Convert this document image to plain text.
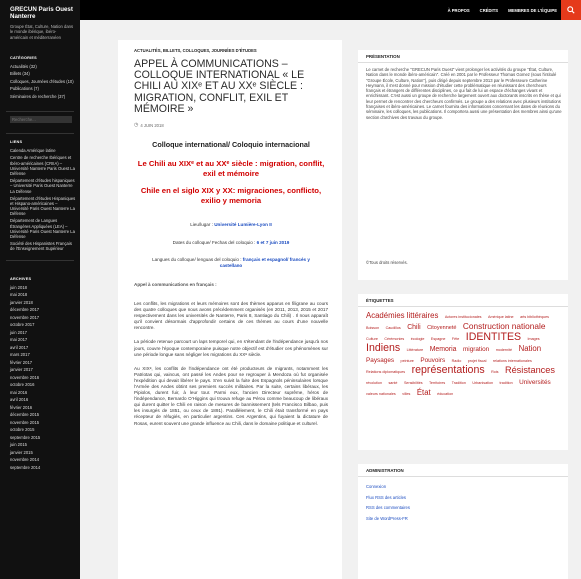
GRECUN Paris Ouest Nanterre
Groupe État, Culture, Nation dans le monde ibérique, ibéro-américain et méditerranéen
CATÉGORIES
Actualités (32)
Billets (34)
Colloques, Journées d'études (10)
Publications (7)
Séminaires de recherche (37)
Recherche...
LIENS
Calenda Amérique latine
Centre de recherche Ibériques et Ibéro-américaines (CRIIA) – Université Nanterre Paris Ouest La Défense
Département d'études hispaniques – Université Paris Ouest Nanterre La Défense
Département d'études Hispaniques et Hispano-américaines – Université Paris Ouest Nanterre La Défense
Département de Langues Étrangères Appliquées (LEA) – Université Paris Ouest Nanterre La Défense
Société des Hispanistes Français de l'Enseignement Supérieur
ARCHIVES
juin 2018
mai 2018
janvier 2018
décembre 2017
novembre 2017
octobre 2017
juin 2017
mai 2017
avril 2017
mars 2017
février 2017
janvier 2017
novembre 2016
octobre 2016
mai 2016
avril 2016
février 2016
décembre 2015
novembre 2015
octobre 2015
septembre 2015
juin 2015
janvier 2015
novembre 2014
septembre 2014
À PROPOS CRÉDITS MEMBRES DE L'ÉQUIPE
ACTUALITÉS, BILLETS, COLLOQUES, JOURNÉES D'ÉTUDES
APPEL À COMMUNICATIONS – COLLOQUE INTERNATIONAL « LE CHILI AU XIXᵉ ET AU XXᵉ SIÈCLE : MIGRATION, CONFLIT, EXIL ET MÉMOIRE »
◷ 4 JUIN 2018

Colloque international/ Coloquio internacional

Le Chili au XIXᵉ et au XXᵉ siècle : migration, conflit, exil et mémoire

Chile en el siglo XIX y XX: migraciones, conflicto, exilio y memoria

Lieu/lugar : Université Lumière-Lyon II

Dates du colloque/ Fechas del coloquio : 6 et 7 juin 2019

Langues du colloque/ lenguas del coloquio : français et espagnol/ francés y castellano

Appel à communications en français :

Les conflits, les migrations et leurs mémoires sont des thèmes apparus en filigrane au cours des quatre colloques que nous avons précédemment organisés (en 2011, 2013, 2015 et 2017 respectivement dans les universités de Nanterre, Paris 8, Santiago du Chili) . Il nous apparaît qu'il convient désormais d'approfondir certains de ces thèmes au cours d'une nouvelle rencontre.

La période retenue parcourt un laps temporel qui, en s'étendant de l'indépendance jusqu'à nos jours, couvre l'époque contemporaine puisque notre objectif est d'étudier ces phénomènes sur une période longue sans négliger les migrations du XXᵉ siècle.

Au XIXᵉ, les conflits de l'indépendance ont été producteurs de migrants, notamment les Patriotas qui, vaincus, ont passé les Andes pour se regrouper à Mendoza où fut organisée l'expédition qui devait libérer le pays. S'en suivit la fuite des Espagnols péninsulaires lorsque l'Armée des Andes obtint ses premiers succès militaires. Par la suite, certains libéraux, les Pipiolos, durent fuir, à leur tour. Parmi eux, l'ancien Directeur suprême, héros de l'indépendance, Bernardo O'Higgins qui trouva refuge au Pérou comme beaucoup de libéraux qui durent quitter le Chili en raison de mesures de bannissement (tels Francisco Bilbao, puis les insurgés de 1851, ou ceux de 1891). Parallèlement, le Chili était transformé en pays récepteur de réfugiés, en particulier argentins. Ces Argentins, qui fuyaient la dictature de Rosas, eurent souvent une grande influence au Chili, dans le domaine politique et culturel.

PRÉSENTATION
Le carnet de recherche "GRECUN Paris Ouest" vient prolonger les activités du groupe "État, Culture, Nation dans le monde ibéro-américain". Créé en 2001 par le Professeur Thomas Gomez (sous l'intitulé "Groupe École, Culture, Nation"), puis dirigé depuis septembre 2013 par le Professeure Catherine Heymann, il s'est donné pour mission d'étudier cette problématique en réunissant des chercheurs français et étrangers de différentes disciplines, ce qui fait de lui un espace d'échanges vivant et enrichissant. C'est aussi un groupe de recherche largement ouvert aux doctorants inscrits en thèse et qui leur permet de rencontrer des chercheurs confirmés. Le groupe a des relations avec plusieurs institutions françaises et ibéro-américaines. Le carnet fournira des informations concernant les dates de réunions du séminaire, les colloques, les publications. Il comportera aussi une présentation des membres ainsi qu'une section d'archives des travaux du groupe.
©Tous droits réservés.
ÉTIQUETTES
Académies littéraires Actores institucionales Amérique latine arts bibliothèques Boisson Caudillos Chili Citoyenneté Construction nationale Culture Cérémonies écologie Espagne Fête IDENTITES Images Indiens Littérature Memoria migration modernité Nation Paysages peinture Pouvoirs Radio projet fiscal relations internationales Relations diplomatiques représentations Rois Résistances révolution santé Sensibilités Territoires Tradition Urbanisation tradition Universités valeurs nationales villes État éducation
ADMINISTRATION
Connexion
Flux RSS des articles
RSS des commentaires
Site de WordPress-FR
